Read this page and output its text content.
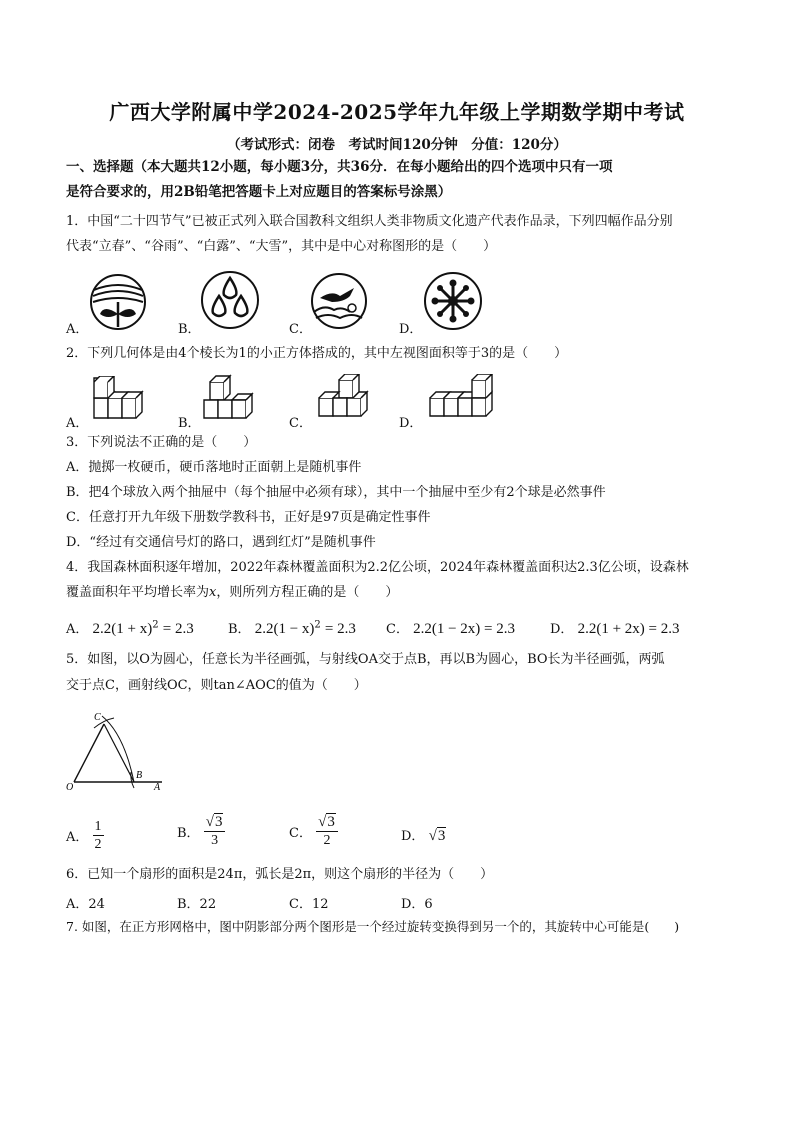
广西大学附属中学2024-2025学年九年级上学期数学期中考试
（考试形式：闭卷　考试时间120分钟　分值：120分）
一、选择题（本大题共12小题，每小题3分，共36分．在每小题给出的四个选项中只有一项
是符合要求的，用2B铅笔把答题卡上对应题目的答案标号涂黑）
1．中国“二十四节气”已被正式列入联合国教科文组织人类非物质文化遗产代表作品录，下列四幅作品分别
代表“立春”、“谷雨”、“白露”、“大雪”，其中是中心对称图形的是（　　）
A．	B．	C．	D．
2．下列几何体是由4个棱长为1的小正方体搭成的，其中左视图面积等于3的是（　　）
A．	B．	C．	D．
3．下列说法不正确的是（　　）
A．抛掷一枚硬币，硬币落地时正面朝上是随机事件
B．把4个球放入两个抽屉中（每个抽屉中必须有球），其中一个抽屉中至少有2个球是必然事件
C．任意打开九年级下册数学教科书，正好是97页是确定性事件
D．“经过有交通信号灯的路口，遇到红灯”是随机事件
4．我国森林面积逐年增加，2022年森林覆盖面积为2.2亿公顷，2024年森林覆盖面积达2.3亿公顷，设森林
覆盖面积年平均增长率为x，则所列方程正确的是（　　）
A． $2.2(1 + x)^2 = 2.3$	B． $2.2(1 - x)^2 = 2.3$ C． 2.2(1 − 2x) = 2.3	D． 2.2(1 + 2x) = 2.3
5．如图，以O为圆心，任意长为半径画弧，与射线OA交于点B，再以B为圆心，BO长为半径画弧，两弧
交于点C，画射线OC，则tan∠AOC的值为（　　）
C
O
B
A
A． $\frac{1}{2}$	B． $\frac{√3}{3}$	C． $\frac{√3}{2}$	D． √3
6．已知一个扇形的面积是24π，弧长是2π，则这个扇形的半径为（　　）
A．24	B．22	C．12	D．6
7. 如图，在正方形网格中，图中阴影部分两个图形是一个经过旋转变换得到另一个的，其旋转中心可能是(　　)
